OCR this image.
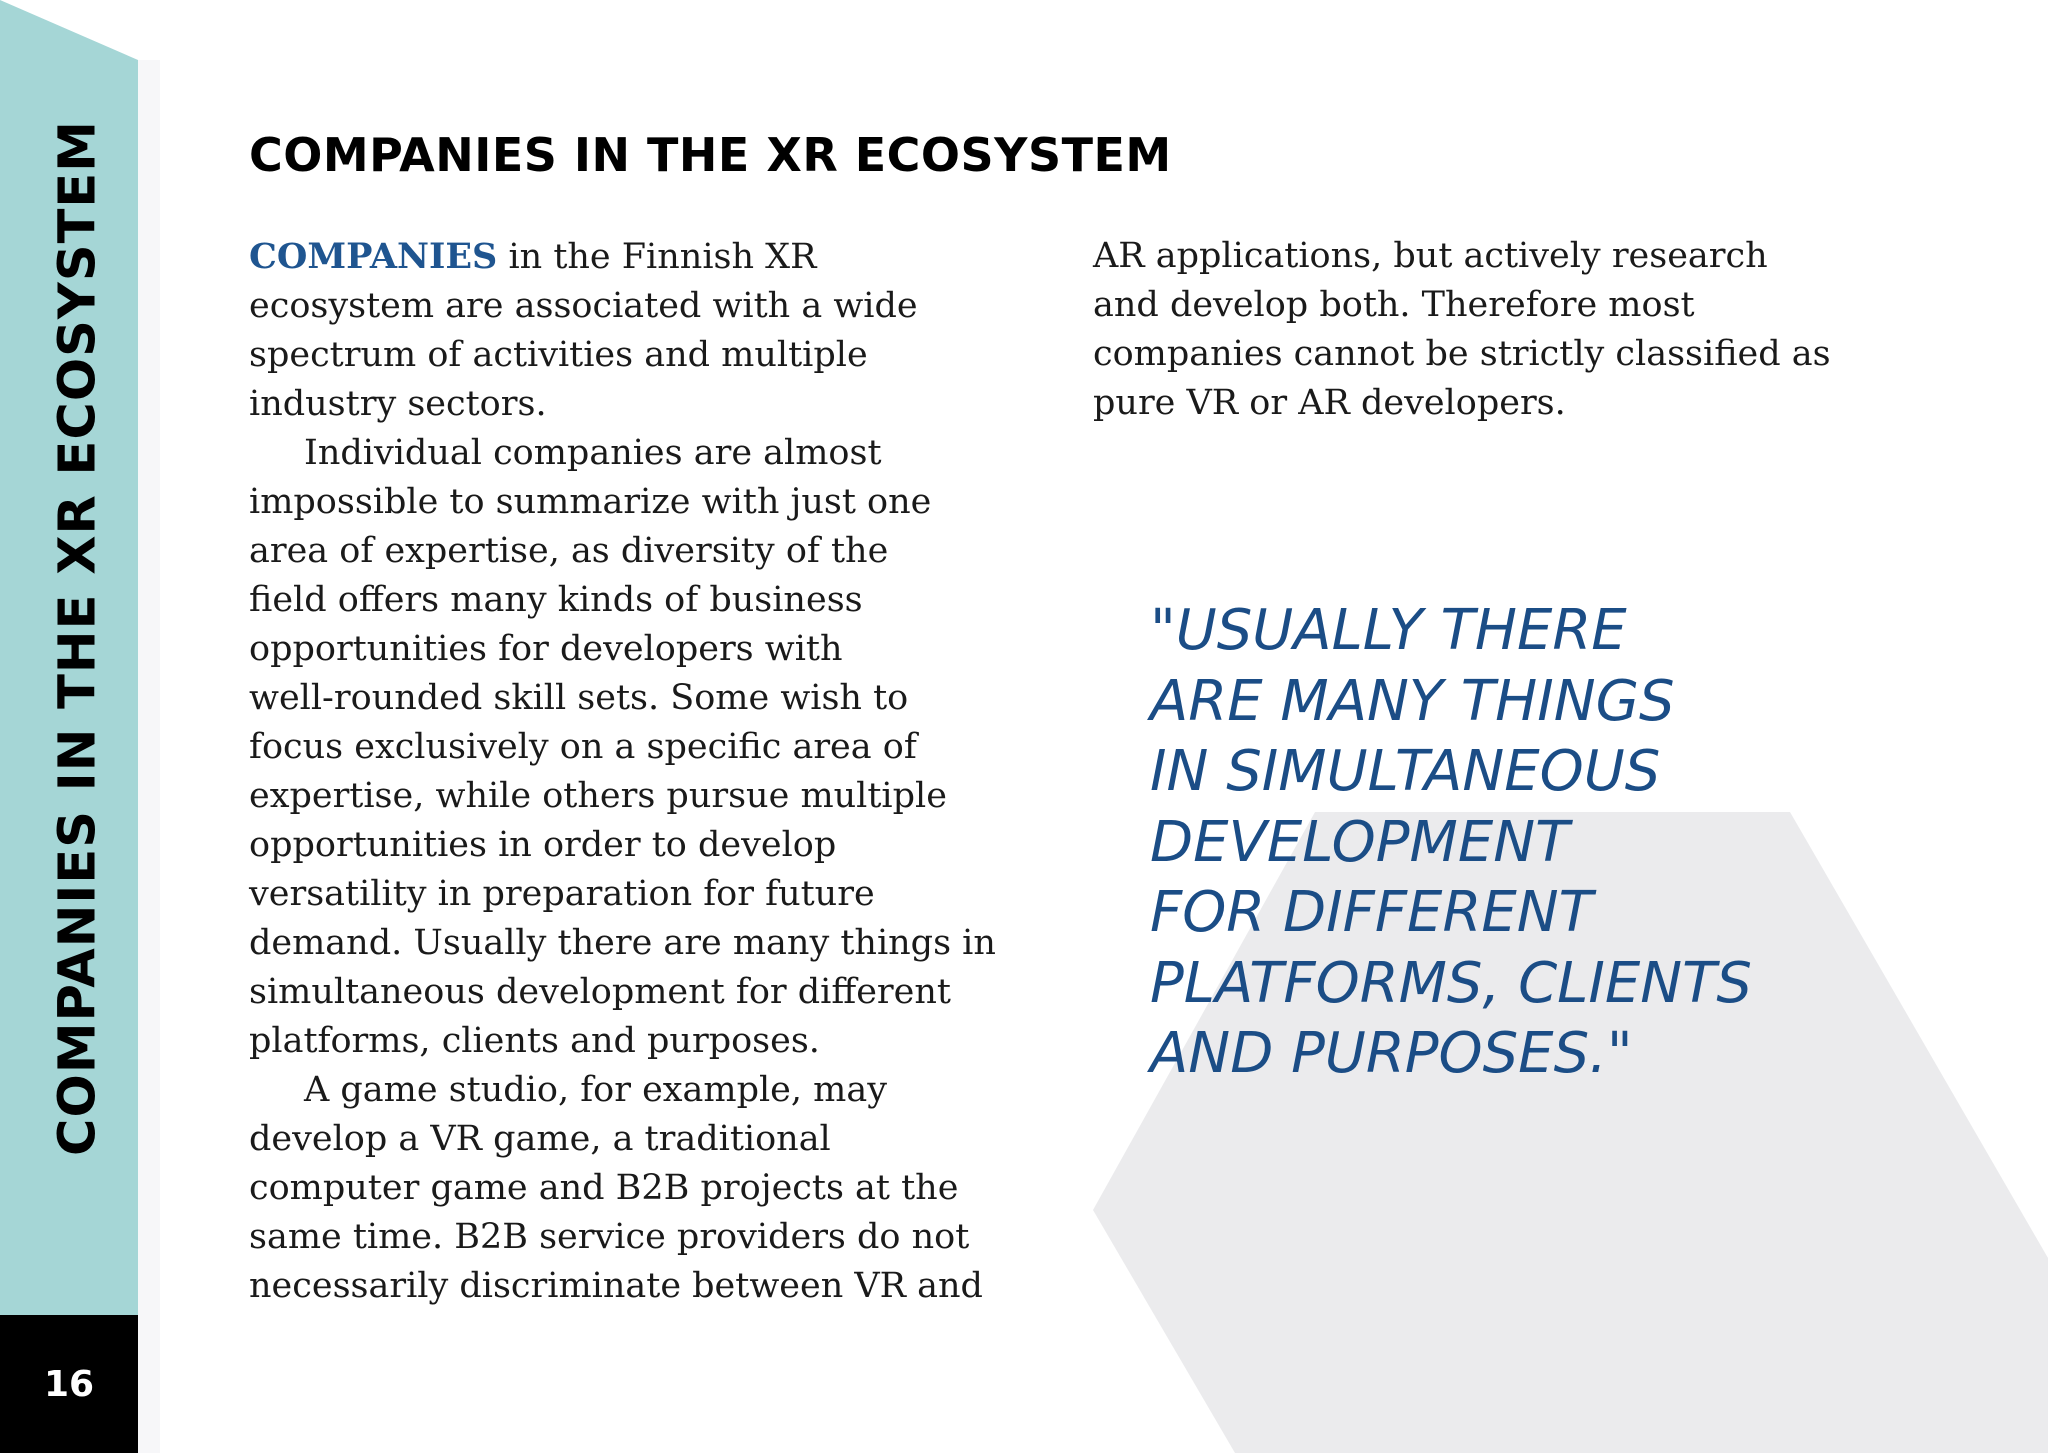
COMPANIES IN THE XR ECOSYSTEM
16
COMPANIES IN THE XR ECOSYSTEM
COMPANIES in the Finnish XR
ecosystem are associated with a wide
spectrum of activities and multiple
industry sectors.
Individual companies are almost
impossible to summarize with just one
area of expertise, as diversity of the
field offers many kinds of business
opportunities for developers with
well-rounded skill sets. Some wish to
focus exclusively on a specific area of
expertise, while others pursue multiple
opportunities in order to develop
versatility in preparation for future
demand. Usually there are many things in
simultaneous development for different
platforms, clients and purposes.
A game studio, for example, may
develop a VR game, a traditional
computer game and B2B projects at the
same time. B2B service providers do not
necessarily discriminate between VR and
AR applications, but actively research
and develop both. Therefore most
companies cannot be strictly classified as
pure VR or AR developers.
"USUALLY THERE
ARE MANY THINGS
IN SIMULTANEOUS
DEVELOPMENT
FOR DIFFERENT
PLATFORMS, CLIENTS
AND PURPOSES."
